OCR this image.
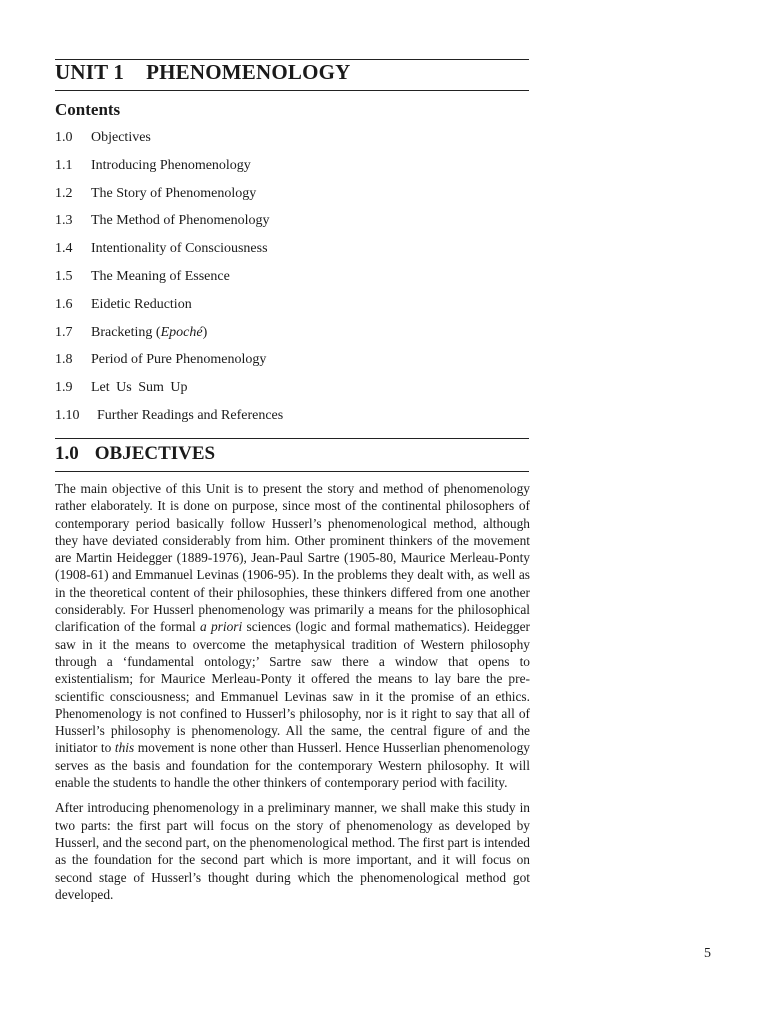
UNIT 1 PHENOMENOLOGY
Contents
1.0 Objectives
1.1 Introducing Phenomenology
1.2 The Story of Phenomenology
1.3 The Method of Phenomenology
1.4 Intentionality of Consciousness
1.5 The Meaning of Essence
1.6 Eidetic Reduction
1.7 Bracketing (Epoché)
1.8 Period of Pure Phenomenology
1.9 Let Us Sum Up
1.10 Further Readings and References
1.0 OBJECTIVES

The main objective of this Unit is to present the story and method of phenomenology rather elaborately. It is done on purpose, since most of the continental philosophers of contemporary period basically follow Husserl’s phenomenological method, although they have deviated considerably from him. Other prominent thinkers of the movement are Martin Heidegger (1889-1976), Jean-Paul Sartre (1905-80, Maurice Merleau-Ponty (1908-61) and Emmanuel Levinas (1906-95). In the problems they dealt with, as well as in the theoretical content of their philosophies, these thinkers differed from one another considerably. For Husserl phenomenology was primarily a means for the philosophical clarification of the formal a priori sciences (logic and formal mathematics). Heidegger saw in it the means to overcome the metaphysical tradition of Western philosophy through a ‘fundamental ontology;’ Sartre saw there a window that opens to existentialism; for Maurice Merleau-Ponty it offered the means to lay bare the pre-scientific consciousness; and Emmanuel Levinas saw in it the promise of an ethics. Phenomenology is not confined to Husserl’s philosophy, nor is it right to say that all of Husserl’s philosophy is phenomenology. All the same, the central figure of and the initiator to this movement is none other than Husserl. Hence Husserlian phenomenology serves as the basis and foundation for the contemporary Western philosophy. It will enable the students to handle the other thinkers of contemporary period with facility.

After introducing phenomenology in a preliminary manner, we shall make this study in two parts: the first part will focus on the story of phenomenology as developed by Husserl, and the second part, on the phenomenological method. The first part is intended as the foundation for the second part which is more important, and it will focus on second stage of Husserl’s thought during which the phenomenological method got developed.

5
